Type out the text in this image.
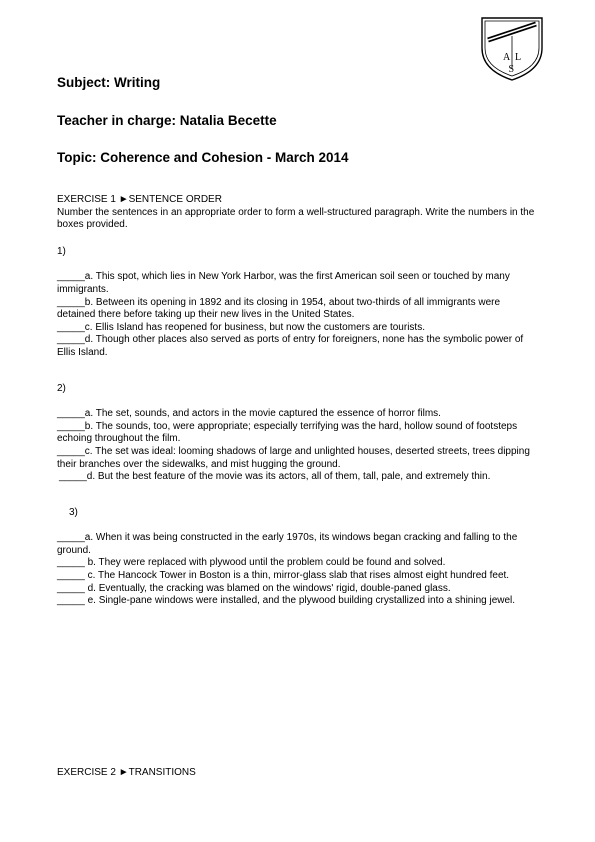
A L
S
Subject: Writing
Teacher in charge: Natalia Becette
Topic: Coherence and Cohesion - March 2014

EXERCISE 1 ►SENTENCE ORDER

Number the sentences in an appropriate order to form a well-structured paragraph. Write the numbers in the boxes provided.

1)

_____a. This spot, which lies in New York Harbor, was the first American soil seen or touched by many immigrants.

_____b. Between its opening in 1892 and its closing in 1954, about two-thirds of all immigrants were detained there before taking up their new lives in the United States.

_____c. Ellis Island has reopened for business, but now the customers are tourists.

_____d. Though other places also served as ports of entry for foreigners, none has the symbolic power of Ellis Island.

2)

_____a. The set, sounds, and actors in the movie captured the essence of horror films.

_____b. The sounds, too, were appropriate; especially terrifying was the hard, hollow sound of footsteps echoing throughout the film.

_____c. The set was ideal: looming shadows of large and unlighted houses, deserted streets, trees dipping their branches over the sidewalks, and mist hugging the ground.

_____d. But the best feature of the movie was its actors, all of them, tall, pale, and extremely thin.

3)

_____a. When it was being constructed in the early 1970s, its windows began cracking and falling to the ground.

_____ b. They were replaced with plywood until the problem could be found and solved.

_____ c. The Hancock Tower in Boston is a thin, mirror-glass slab that rises almost eight hundred feet.

_____ d. Eventually, the cracking was blamed on the windows' rigid, double-paned glass.

_____ e. Single-pane windows were installed, and the plywood building crystallized into a shining jewel.

EXERCISE 2 ►TRANSITIONS
